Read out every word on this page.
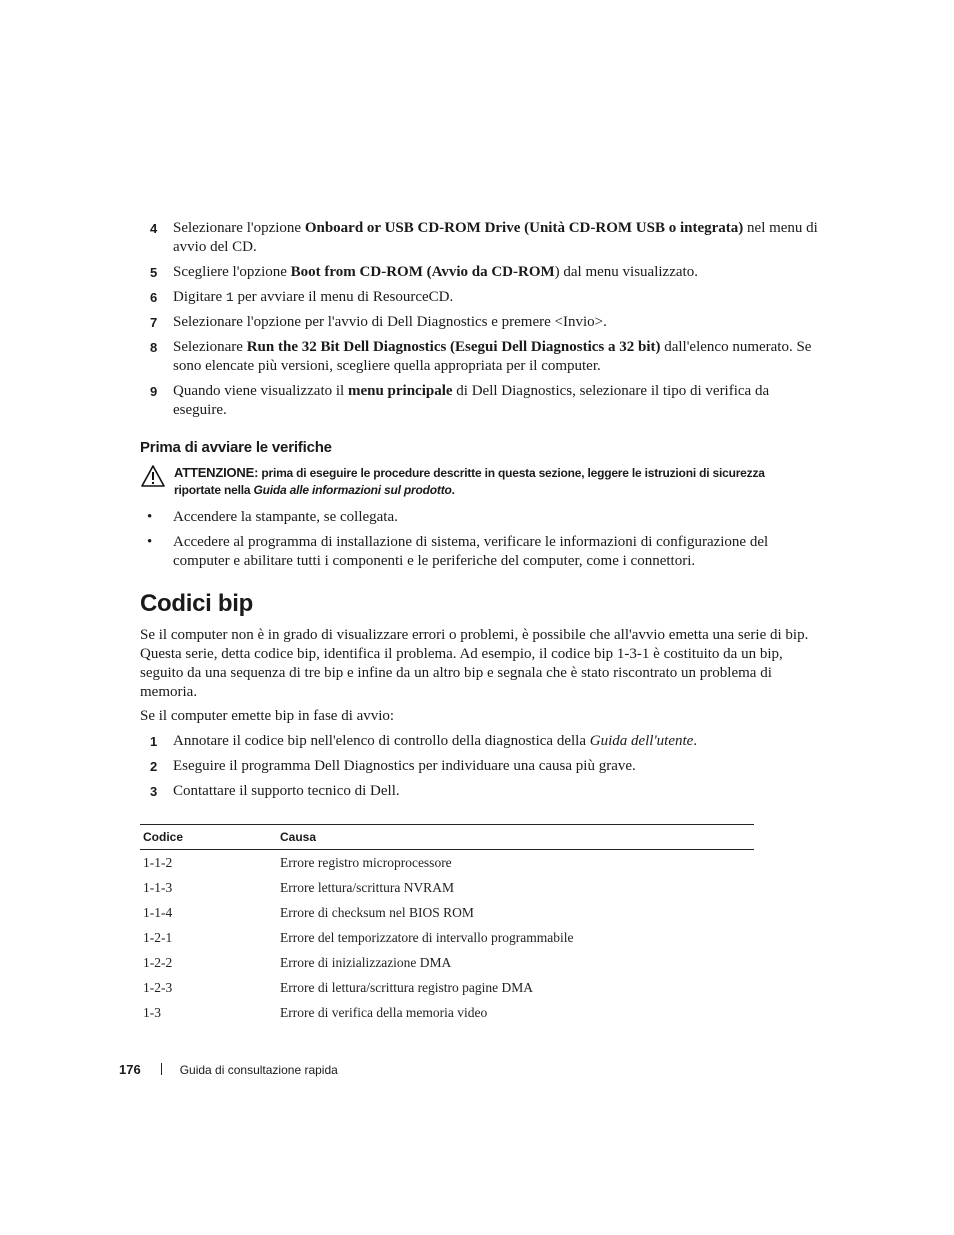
4 Selezionare l'opzione Onboard or USB CD-ROM Drive (Unità CD-ROM USB o integrata) nel menu di avvio del CD.
5 Scegliere l'opzione Boot from CD-ROM (Avvio da CD-ROM) dal menu visualizzato.
6 Digitare 1 per avviare il menu di ResourceCD.
7 Selezionare l'opzione per l'avvio di Dell Diagnostics e premere <Invio>.
8 Selezionare Run the 32 Bit Dell Diagnostics (Esegui Dell Diagnostics a 32 bit) dall'elenco numerato. Se sono elencate più versioni, scegliere quella appropriata per il computer.
9 Quando viene visualizzato il menu principale di Dell Diagnostics, selezionare il tipo di verifica da eseguire.
Prima di avviare le verifiche
ATTENZIONE: prima di eseguire le procedure descritte in questa sezione, leggere le istruzioni di sicurezza riportate nella Guida alle informazioni sul prodotto.
• Accendere la stampante, se collegata.
• Accedere al programma di installazione di sistema, verificare le informazioni di configurazione del computer e abilitare tutti i componenti e le periferiche del computer, come i connettori.
Codici bip

Se il computer non è in grado di visualizzare errori o problemi, è possibile che all'avvio emetta una serie di bip. Questa serie, detta codice bip, identifica il problema. Ad esempio, il codice bip 1-3-1 è costituito da un bip, seguito da una sequenza di tre bip e infine da un altro bip e segnala che è stato riscontrato un problema di memoria.

Se il computer emette bip in fase di avvio:

1 Annotare il codice bip nell'elenco di controllo della diagnostica della Guida dell'utente.
2 Eseguire il programma Dell Diagnostics per individuare una causa più grave.
3 Contattare il supporto tecnico di Dell.
Codice	Causa
1-1-2	Errore registro microprocessore
1-1-3	Errore lettura/scrittura NVRAM
1-1-4	Errore di checksum nel BIOS ROM
1-2-1	Errore del temporizzatore di intervallo programmabile
1-2-2	Errore di inizializzazione DMA
1-2-3	Errore di lettura/scrittura registro pagine DMA
1-3	Errore di verifica della memoria video
176	Guida di consultazione rapida
